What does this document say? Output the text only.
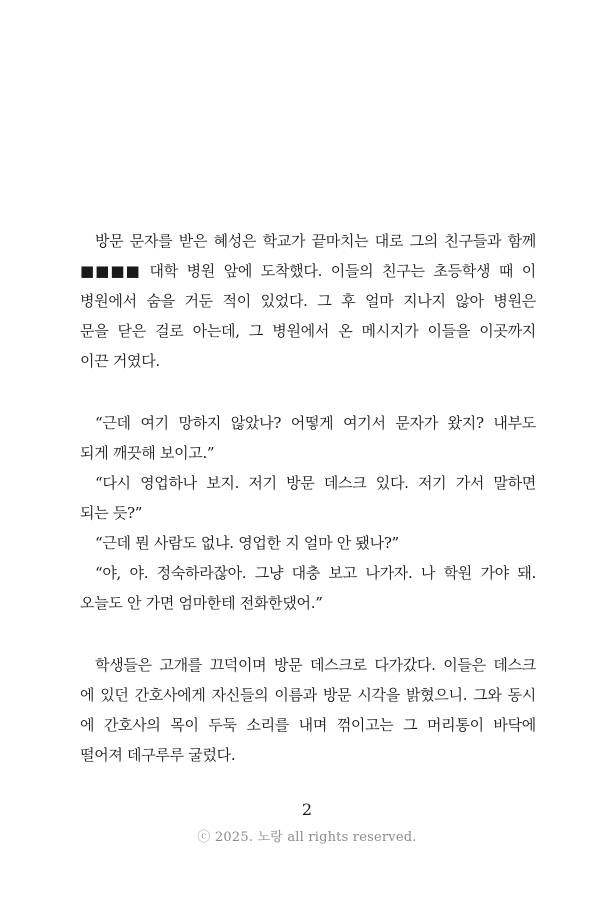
방문 문자를 받은 혜성은 학교가 끝마치는 대로 그의 친구들과 함께
■■■■ 대학 병원 앞에 도착했다. 이들의 친구는 초등학생 때 이
병원에서 숨을 거둔 적이 있었다. 그 후 얼마 지나지 않아 병원은
문을 닫은 걸로 아는데, 그 병원에서 온 메시지가 이들을 이곳까지
이끈 거였다.

“근데 여기 망하지 않았나? 어떻게 여기서 문자가 왔지? 내부도
되게 깨끗해 보이고.”
“다시 영업하나 보지. 저기 방문 데스크 있다. 저기 가서 말하면
되는 듯?”
“근데 뭔 사람도 없냐. 영업한 지 얼마 안 됐나?”
“야, 야. 정숙하라잖아. 그냥 대충 보고 나가자. 나 학원 가야 돼.
오늘도 안 가면 엄마한테 전화한댔어.”

학생들은 고개를 끄덕이며 방문 데스크로 다가갔다. 이들은 데스크
에 있던 간호사에게 자신들의 이름과 방문 시각을 밝혔으니. 그와 동시
에 간호사의 목이 두둑 소리를 내며 꺾이고는 그 머리통이 바닥에
떨어져 데구루루 굴렀다.

2
ⓒ 2025. 노랑 all rights reserved.
